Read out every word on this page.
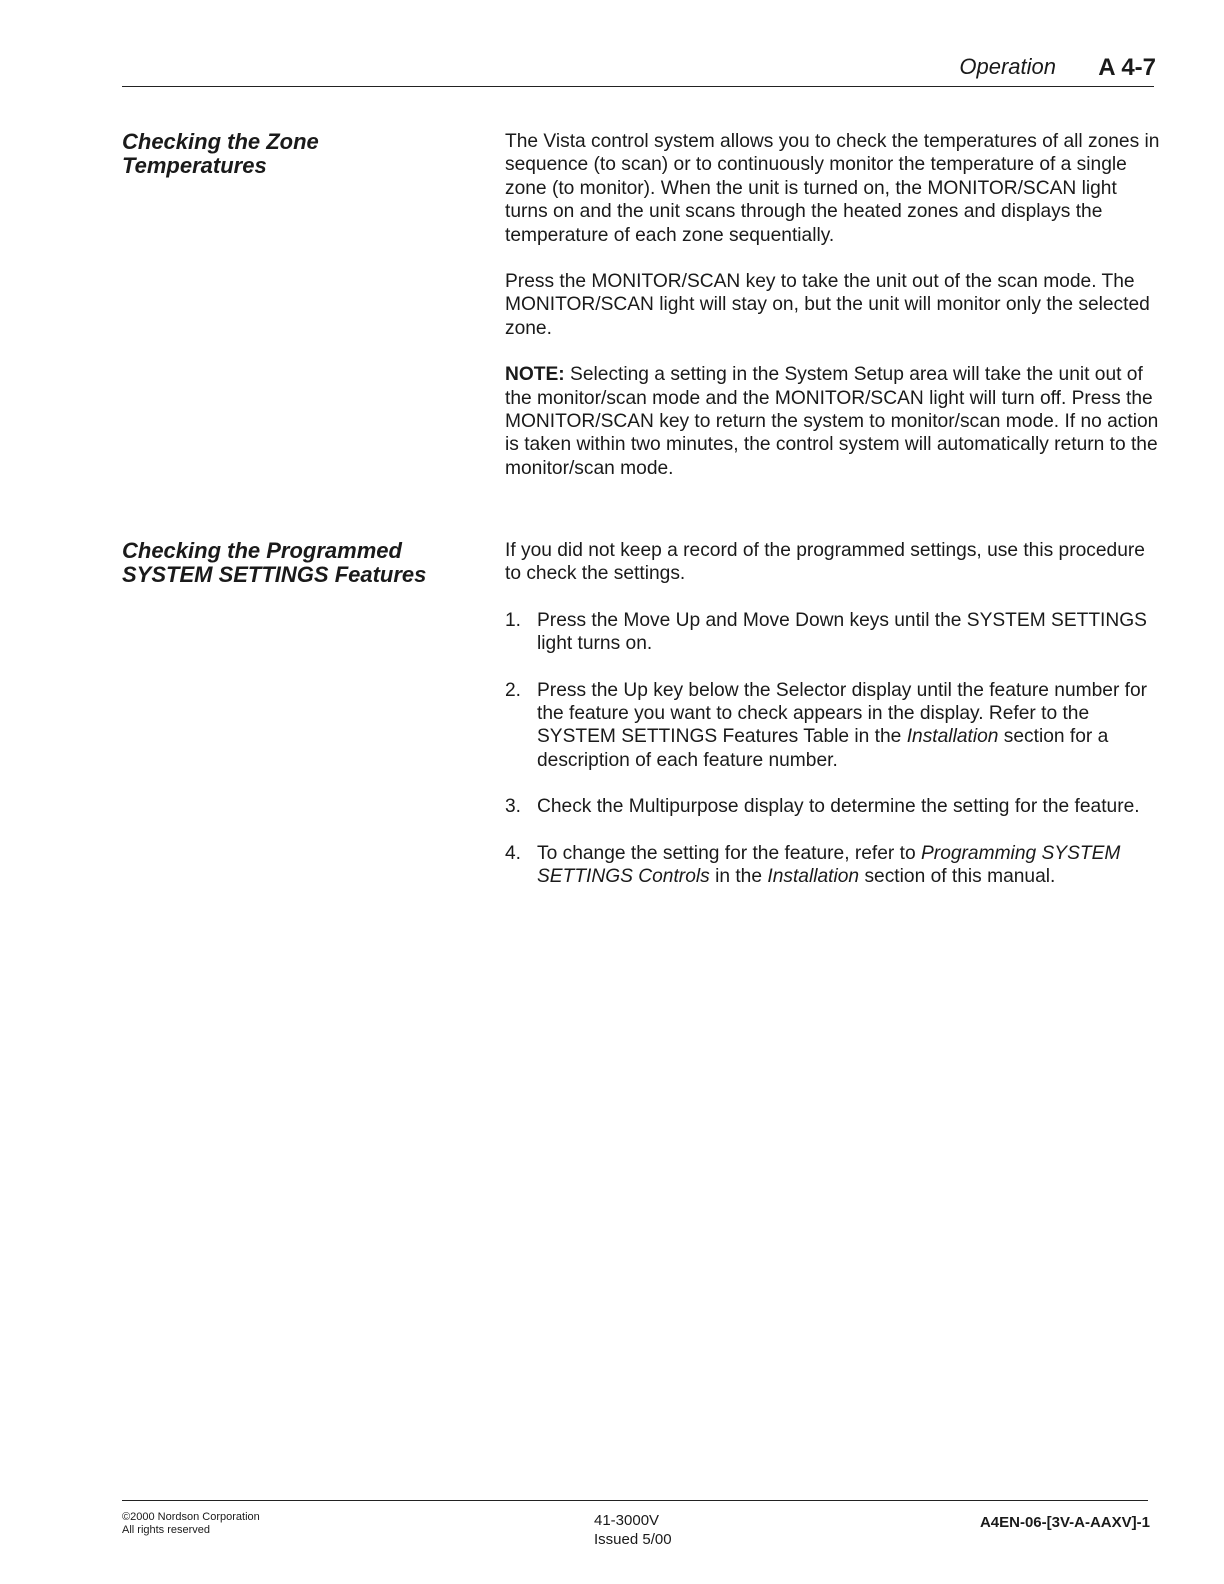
Operation A 4-7
Checking the Zone
Temperatures

The Vista control system allows you to check the temperatures of all zones in sequence (to scan) or to continuously monitor the temperature of a single zone (to monitor). When the unit is turned on, the MONITOR/SCAN light turns on and the unit scans through the heated zones and displays the temperature of each zone sequentially.

Press the MONITOR/SCAN key to take the unit out of the scan mode. The MONITOR/SCAN light will stay on, but the unit will monitor only the selected zone.

NOTE: Selecting a setting in the System Setup area will take the unit out of the monitor/scan mode and the MONITOR/SCAN light will turn off. Press the MONITOR/SCAN key to return the system to monitor/scan mode. If no action is taken within two minutes, the control system will automatically return to the monitor/scan mode.

Checking the Programmed
SYSTEM SETTINGS Features

If you did not keep a record of the programmed settings, use this procedure to check the settings.

1. Press the Move Up and Move Down keys until the SYSTEM SETTINGS light turns on.
2. Press the Up key below the Selector display until the feature number for the feature you want to check appears in the display. Refer to the SYSTEM SETTINGS Features Table in the Installation section for a description of each feature number.
3. Check the Multipurpose display to determine the setting for the feature.
4. To change the setting for the feature, refer to Programming SYSTEM SETTINGS Controls in the Installation section of this manual.
©2000 Nordson Corporation
All rights reserved
41-3000V
Issued 5/00
A4EN-06-[3V-A-AAXV]-1
